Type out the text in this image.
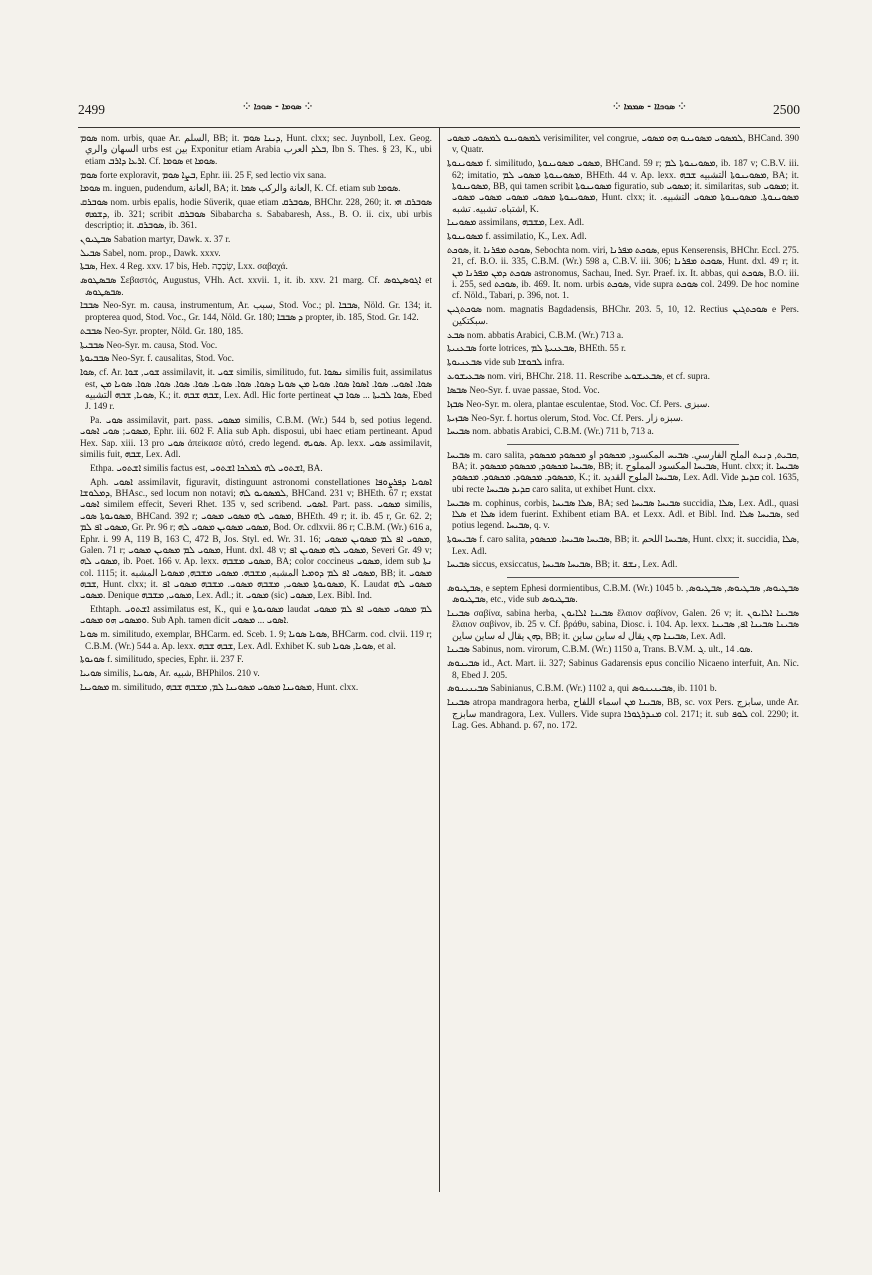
2499	⁘ ܣܘܡܐ - ܣܘܟܐ ⁘	⁘ ܣܘܟܐܐ - ܣܡܡܐ ⁘	2500

ܣܘܡ nom. urbis, quae Ar. السلم, BB; it. ܕܝܢܐ ܣܘܡ, Hunt. clxx; sec. Juynboll, Lex. Geog. السهان والري urbs est بين Exponitur etiam Arabia ܒܠܕ العرب, Ibn S. Thes. § 23, K., ubi etiam ܐܪܥܐ ܕܐܪܒ. Cf. ܣܘܡܐ et ܣܘܡܐ.

ܣܘܡ forte exploravit, ܒܨܐ ܣܘܡ, Ephr. iii. 25 F, sed lectio vix sana.

ܣܘܡܐ m. inguen, pudendum, العانة, BA; it. العانة والركب ܣܡܐ, K. Cf. etiam sub ܣܘܡܐ.

ܣܘܒܪܩ nom. urbis epalis, hodie Süverik, quae etiam ܣܘܒܪܩ, BHChr. 228, 260; it. ܣܘܒܪܩ ܗܝ ܕܫܡܗ, ib. 321; scribit ܣܘܒܪܩ Sibabarcha s. Sababaresh, Ass., B. O. ii. cix, ubi urbis descriptio; it. ܣܘܒܪܩ, ib. 361.

ܣܒܛܝܘܢ Sabation martyr, Dawk. x. 37 r.

ܣܒܝܠ Sabel, nom. prop., Dawk. xxxv.

ܣܒܬܐ, Hex. 4 Reg. xxv. 17 bis, Heb. שְׂבָכָה, Lxx. σαβαχά.

ܣܒܣܛܘܣ Σεβαστός, Augustus, VHh. Act. xxvii. 1, it. ib. xxv. 21 marg. Cf. ܐܓܘܣܛܘܣ et ܣܒܣܛܘܣ.

ܣܒܒܐ Neo-Syr. m. causa, instrumentum, Ar. سبب, Stod. Voc.; pl. ܣܒܒܐ, Nöld. Gr. 134; it. propterea quod, Stod. Voc., Gr. 144, Nöld. Gr. 180; ܕ ܣܒܒܐ propter, ib. 185, Stod. Gr. 142.

ܣܒܒܬ Neo-Syr. propter, Nöld. Gr. 180, 185.

ܣܒܒܝܬܐ Neo-Syr. m. causa, Stod. Voc.

ܣܒܒܝܘܬܐ Neo-Syr. f. causalitas, Stod. Voc.

ܣܘܐ, cf. Ar. ܫܘܝ, ܫܘܐ assimilavit, it. ܫܘܝ similis, similitudo, fut. ܢܣܘܐ similis fuit, assimilatus est, ܣܘܐ. ܐܣܘܝ. ܣܘܐ. ܐܣܘܐ ܣܘܐ. ܣܘܝܐ ܡܢ ܣܘܝܐ ܕܣܘܐ. ܣܘܐ. ܣܘܝܐ. ܣܘܐ. ܣܘܐ. ܣܘܐ. ܣܘܐ. ܣܘܝܐ ܡܢ ܣܘܝܐ, ܫܒܗ التشبيه, K.; it. ܫܒܗ ܫܒܗ, Lex. Adl. Hic forte pertineat ܣܘܐ ܠܒܝܬܐ ... ܣܘܐ ܒܢ, Ebed J. 149 r.

Pa. ܣܘܝ assimilavit, part. pass. ܡܣܘܝ similis, C.B.M. (Wr.) 544 b, sed potius legend. ܡܣܘܝ; ܣܘܝ ܐܣܘܝ, Ephr. iii. 602 F. Alia sub Aph. disposui, ubi haec etiam pertineant. Apud Hex. Sap. xiii. 13 pro ܣܘܝ ἀπείκασε αὐτό, credo legend. ܣܘܝܗ. Ap. lexx. ܣܘܝ assimilavit, similis fuit, ܫܒܗ, Lex. Adl.

Ethpa. ܐܫܬܘܝ similis factus est, ܐܫܬܘܝ ܠܗ ܠܡܠܟܐ ܐܫܬܘܝ, BA.

Aph. ܐܣܘܝ assimilavit, figuravit, distinguunt astronomi constellationes ܐܣܘܝܐ ܕܦܪܨܘܦܐ ܕܡܠܘܫܐ, BHAsc., sed locum non notavi; ܠܡܣܘܝܘ ܠܗ, BHCand. 231 v; BHEth. 67 r; exstat ܐܣܘܝ similem effecit, Severi Rhet. 135 v, sed scribend. ܐܣܘܝ. Part. pass. ܡܣܘܝ similis, ܡܣܘܝܘܬܐ ܣܘܝ, BHCand. 392 r; ܡܣܘܝ ܠܗ ܡܣܘܝ ܡܣܘܝ, BHEth. 49 r; it. ib. 45 r, Gr. 62. 2; ܡܣܘܝ ܐܦ ܠܡ, Gr. Pr. 96 r; ܡܣܘܝ ܡܣܘܝܢ ܡܣܘܝ ܠܗ, Bod. Or. cdlxvii. 86 r; C.B.M. (Wr.) 616 a, Ephr. i. 99 A, 119 B, 163 C, 472 B, Jos. Styl. ed. Wr. 31. 16; ܡܣܘܝ ܐܦ ܠܡ ܡܣܘܝܢ ܡܣܘܝ, Galen. 71 r; ܡܣܘܝ ܠܡ ܡܣܘܝܢ ܡܣܘܝ, Hunt. dxl. 48 v; ܡܣܘܝ ܠܗ ܡܣܘܝܢ ܐܦ, Severi Gr. 49 v; ܡܣܘܝ ܠܗ, ib. Poet. 166 v. Ap. lexx. ܡܣܘܝ ܡܫܒܗ, BA; color coccineus ܡܣܘܝ, idem sub ܢܬܐ col. 1115; it. ܡܣܘܝ ܐܦ ܠܡ ܕܘܡܝܐ المشبه, ܡܫܒܗ. ܡܣܘܝ ܡܫܒܗ, ܡܣܘܝܐ المشبه, BB; it. ܡܣܘܝ ܫܒܗ, Hunt. clxx; it. ܡܣܘܝܘܬܐ ܡܣܘܝ, ܡܫܒܗ ܡܣܘܝ. ܡܫܒܗ ܡܣܘܝ ܐܦ, K. Laudat ܡܣܘܝ ܠܗ ܡܣܘܝ. Denique ܡܣܘܝ, ܡܫܒܗ, Lex. Adl.; it. ܡܣܘܝ (sic) ܡܣܘܝ, Lex. Bibl. Ind.

Ethtaph. ܐܫܬܘܝ assimilatus est, K., qui e ܡܣܘܝܘܬܐ laudat ܠܡ ܡܣܘܝ ܡܣܘܝ ܐܦ ܠܡ ܡܣܘܝ ܘܡܣܘܝ ܗܘ ܡܣܘܝ. Sub Aph. tamen dicit ܐܣܘܝ ... ܡܣܘܝ.

ܣܘܝܐ m. similitudo, exemplar, BHCarm. ed. Sceb. 1. 9; ܣܘܝܐ ܣܘܝܐ, BHCarm. cod. clvii. 119 r; C.B.M. (Wr.) 544 a. Ap. lexx. ܫܒܗ ܫܒܗ, Lex. Adl. Exhibet K. sub ܣܘܝܐ, ܣܘܝܐ, et al.

ܣܘܝܘܬܐ f. similitudo, species, Ephr. ii. 237 F.

ܣܘܝܝܐ similis, ܣܘܝܝܐ, Ar. شبيه, BHPhilos. 210 v.

ܡܣܘܝܢܐ m. similitudo, ܡܣܘܝܢܐ ܡܣܘܝ ܡܣܘܝܢܐ ܠܡ, ܡܫܒܗ ܫܒܗ, Hunt. clxx.

ܠܡܣܘܝܢܘ ܠܡܣܘܝ ܡܣܘܝ verisimiliter, vel congrue, ܠܡܣܘܝ ܡܣܘܝܢܘ ܗܘ ܡܣܘܝ, BHCand. 390 v, Quatr.

ܡܣܘܝܢܘܬܐ f. similitudo, ܡܣܘܝ ܡܣܘܝܢܘܬܐ, BHCand. 59 r; ܡܣܘܝܢܘܬܐ ܠܡ, ib. 187 v; C.B.V. iii. 62; imitatio, ܡܣܘܝܢܘܬܐ ܡܣܘܝ ܠܡ, BHEth. 44 v. Ap. lexx. ܡܣܘܝܢܘܬܐ التشبيه ܫܒܗ, BA; it. ܡܣܘܝܢܘܬܐ, BB, qui tamen scribit ܡܣܘܝܢܘܬܐ figuratio, sub ܡܣܘܝ; it. similaritas, sub ܡܣܘܝ; it. ܡܣܘܝܢܘܬܐ ܡܣܘܝ ܡܣܘܝ ܡܣܘܝ ܡܣܘܝ, Hunt. clxx; it. ܡܣܘܝܢܘܬܐ. ܡܣܘܝܢܘܬܐ ܡܣܘܝ التشبيه. اشتباه. تشبيه. تشبه, K.

ܡܣܘܝܢܐ assimilans, ܡܫܒܗ, Lex. Adl.

ܡܣܘܝܢܘܬܐ f. assimilatio, K., Lex. Adl.

ܣܘܟܬ, it. ܣܘܟܬ ܡܦܪܢܐ, Sebochta nom. viri, ܣܘܟܬ ܡܦܪܢܐ, epus Kenserensis, BHChr. Eccl. 275. 21, cf. B.O. ii. 335, C.B.M. (Wr.) 598 a, C.B.V. iii. 306; ܣܘܟܬ ܡܦܪܢܐ, Hunt. dxl. 49 r; it. ܣܘܟܬ ܕܡܢ ܡܦܪܢܐ ܡܢ astronomus, Sachau, Ined. Syr. Praef. ix. It. abbas, qui ܣܘܟܬ, B.O. iii. i. 255, sed ܣܘܟܬ, ib. 469. It. nom. urbis ܣܘܟܬ, vide supra ܣܘܟܬ col. 2499. De hoc nomine cf. Nöld., Tabari, p. 396, not. 1.

ܣܘܟܬܓܝܢ nom. magnatis Bagdadensis, BHChr. 203. 5, 10, 12. Rectius ܣܘܟܬܓܝܢ e Pers. سبکتکین.

ܣܒܥ nom. abbatis Arabici, C.B.M. (Wr.) 713 a.

ܣܒܥܢܝܬܐ forte lotrices, ܣܒܥܢܝܬܐ ܠܡ, BHEth. 55 r.

ܣܒܥܢܝܘܬܐ vide sub ܠܒܘܫܐ infra.

ܣܒܥܝܫܘܥ nom. viri, BHChr. 218. 11. Rescribe ܣܒܥܝܫܘܥ, et cf. supra.

ܣܒܣܐ Neo-Syr. f. uvae passae, Stod. Voc.

ܣܒܙܐ Neo-Syr. m. olera, plantae esculentae, Stod. Voc. Cf. Pers. سبزی.

ܣܒܙܝܬܐ Neo-Syr. f. hortus olerum, Stod. Voc. Cf. Pers. سبزه زار.

ܣܒܝܚܐ nom. abbatis Arabici, C.B.M. (Wr.) 711 b, 713 a.

ܣܒܝܚܐ m. caro salita, ܩܒܝܬ, ܕܢܝܬ الملح الفارسي. ܣܒܝܚ المكسود, ܡܟܣܘܕ او ܡܟܣܘܕ ܡܟܣܘܕ, BA; it. ܣܒܝܚܐ ܡܟܣܘܕ, ܡܟܣܘܕ ܡܟܣܘܕ, BB; it. ܣܒܝܚܐ المكسود المملوح, Hunt. clxx; it. ܣܒܝܚܐ ܡܟܣܘܕ. ܡܟܣܘܕ. ܡܟܣܘܕ. ܡܟܣܘܕ, K.; it. ܣܒܝܚܐ الملوح القديد, Lex. Adl. Vide ܩܕܝܕ col. 1635, ubi recte ܩܕܝܕ ܣܒܝܚܐ caro salita, ut exhibet Hunt. clxx.

ܣܒܝܚܐ m. cophinus, corbis, ܣܠܐ ܣܒܝܚܐ, BA; sed ܣܒܝܚܐ ܣܒܝܚܐ succidia, ܣܠܐ, Lex. Adl., quasi ܣܠܐ et ܣܠܐ idem fuerint. Exhibent etiam BA. et Lexx. Adl. et Bibl. Ind. ܣܒܝܚܐ ܣܠܐ, sed potius legend. ܣܒܝܚܐ, q. v.

ܣܒܝܚܘܬܐ f. caro salita, ܣܒܝܚܐ ܣܒܝܚܐ. ܡܟܣܘܕ, BB; it. ܣܒܝܚܐ اللحم, Hunt. clxx; it. succidia, ܣܠܐ, Lex. Adl.

ܣܒܝܚܐ siccus, exsiccatus, ܣܒܝܚܐ ܣܒܝܚܐ, BB; it. ܢܫܦ, Lex. Adl.

ܣܒܛܝܘܣ, e septem Ephesi dormientibus, C.B.M. (Wr.) 1045 b. ܣܒܛܝܘܣ, ܣܒܛܝܘܣ, ܣܒܛܝܘܣ, ܣܒܛܝܘܣ, etc., vide sub ܣܒܛܝܘܣ.

ܣܒܝܢܐ σαβίνα, sabina herba, ܣܒܝܢܐ ܐܠܐܝܘܢ ἔλαιον σαβίνον, Galen. 26 v; it. ܣܒܝܢܐ ܐܠܐܝܘܢ ἔλαιον σαβίνον, ib. 25 v. Cf. βράθυ, sabina, Diosc. i. 104. Ap. lexx. ܣܒܝܢܐ ܣܒܝܢܐ ܐܦ, ܣܒܝܢܐ ܕܗܢ يقال له ساين ساين, BB; it. ܣܒܝܢܐ ܕܗܢ يقال له ساين ساين, Lex. Adl.

ܣܒܝܢܐ Sabinus, nom. virorum, C.B.M. (Wr.) 1150 a, Trans. B.V.M. ܓ. ult., ܣܘ. 14.

ܣܒܝܢܘܣ id., Act. Mart. ii. 327; Sabinus Gadarensis epus concilio Nicaeno interfuit, An. Nic. 8, Ebed J. 205.

ܣܒܝܢܝܢܘܣ Sabinianus, C.B.M. (Wr.) 1102 a, qui ܣܒܝܢܝܢܘܣ, ib. 1101 b.

ܣܒܝܢܐ atropa mandragora herba, ܣܒܝܢܐ ܡܢ اسماء اللفاح, BB, sc. vox Pers. سابزج, unde Ar. سابزج mandragora, Lex. Vullers. Vide supra ܡܢܕܪܓܘܪܐ col. 2171; it. sub ܠܘܦ col. 2290; it. Lag. Ges. Abhand. p. 67, no. 172.
